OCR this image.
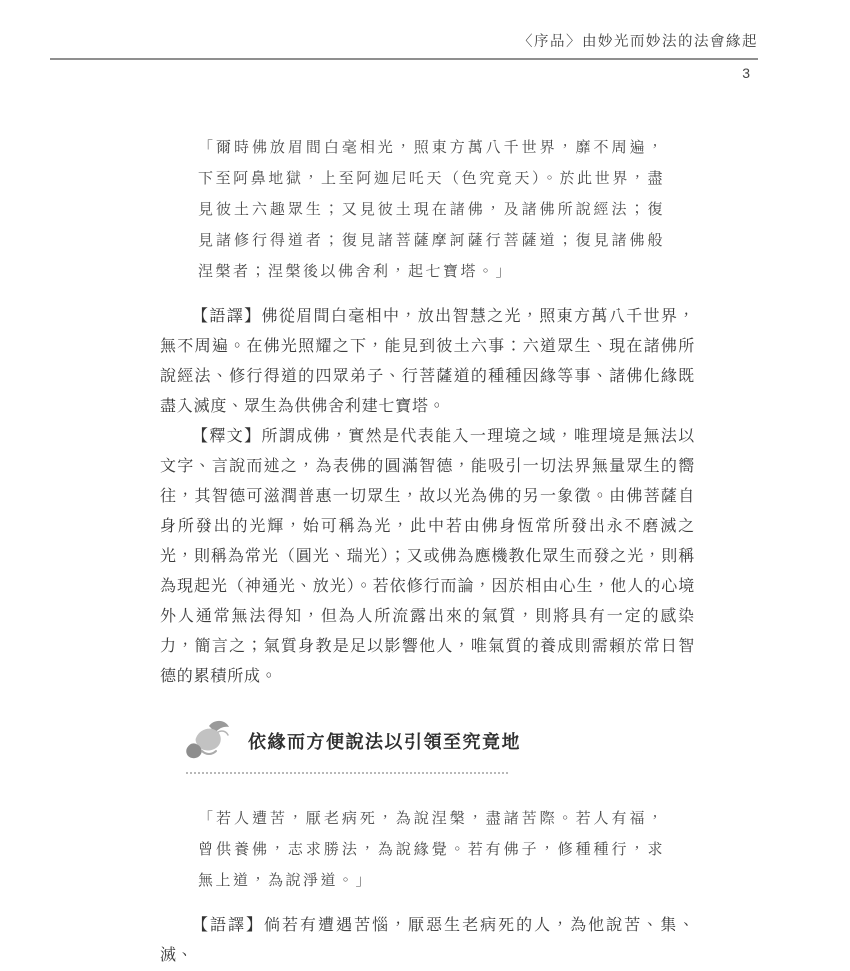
〈序品〉由妙光而妙法的法會緣起
3
「爾時佛放眉間白毫相光，照東方萬八千世界，靡不周遍，下至阿鼻地獄，上至阿迦尼吒天（色究竟天）。於此世界，盡見彼土六趣眾生；又見彼土現在諸佛，及諸佛所說經法；復見諸修行得道者；復見諸菩薩摩訶薩行菩薩道；復見諸佛般涅槃者；涅槃後以佛舍利，起七寶塔。」

【語譯】佛從眉間白毫相中，放出智慧之光，照東方萬八千世界，無不周遍。在佛光照耀之下，能見到彼土六事：六道眾生、現在諸佛所說經法、修行得道的四眾弟子、行菩薩道的種種因緣等事、諸佛化緣既盡入滅度、眾生為供佛舍利建七寶塔。

【釋文】所謂成佛，實然是代表能入一理境之域，唯理境是無法以文字、言說而述之，為表佛的圓滿智德，能吸引一切法界無量眾生的嚮往，其智德可滋潤普惠一切眾生，故以光為佛的另一象徵。由佛菩薩自身所發出的光輝，始可稱為光，此中若由佛身恆常所發出永不磨滅之光，則稱為常光（圓光、瑞光）；又或佛為應機教化眾生而發之光，則稱為現起光（神通光、放光）。若依修行而論，因於相由心生，他人的心境外人通常無法得知，但為人所流露出來的氣質，則將具有一定的感染力，簡言之；氣質身教是足以影響他人，唯氣質的養成則需賴於常日智德的累積所成。

依緣而方便說法以引領至究竟地
「若人遭苦，厭老病死，為說涅槃，盡諸苦際。若人有福，曾供養佛，志求勝法，為說緣覺。若有佛子，修種種行，求無上道，為說淨道。」

【語譯】倘若有遭遇苦惱，厭惡生老病死的人，為他說苦、集、滅、
